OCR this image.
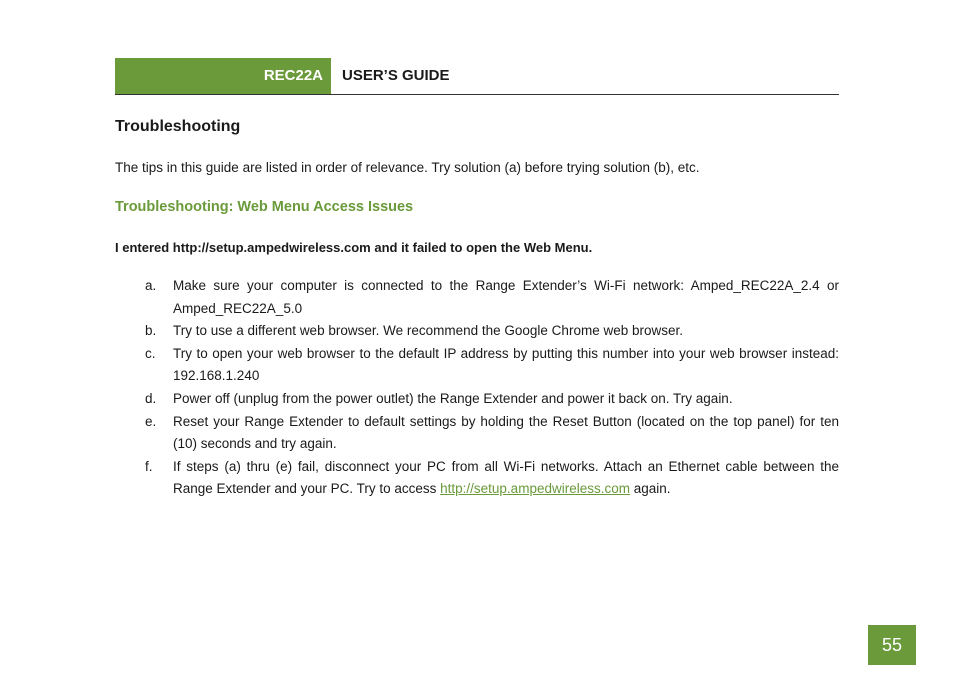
REC22A USER’S GUIDE
Troubleshooting

The tips in this guide are listed in order of relevance. Try solution (a) before trying solution (b), etc.

Troubleshooting: Web Menu Access Issues

I entered http://setup.ampedwireless.com and it failed to open the Web Menu.

a.	Make sure your computer is connected to the Range Extender’s Wi-Fi network: Amped_REC22A_2.4 or Amped_REC22A_5.0
b.	Try to use a different web browser. We recommend the Google Chrome web browser.
c.	Try to open your web browser to the default IP address by putting this number into your web browser instead: 192.168.1.240
d.	Power off (unplug from the power outlet) the Range Extender and power it back on. Try again.
e.	Reset your Range Extender to default settings by holding the Reset Button (located on the top panel) for ten (10) seconds and try again.
f.	If steps (a) thru (e) fail, disconnect your PC from all Wi-Fi networks. Attach an Ethernet cable between the Range Extender and your PC. Try to access http://setup.ampedwireless.com again.
55
